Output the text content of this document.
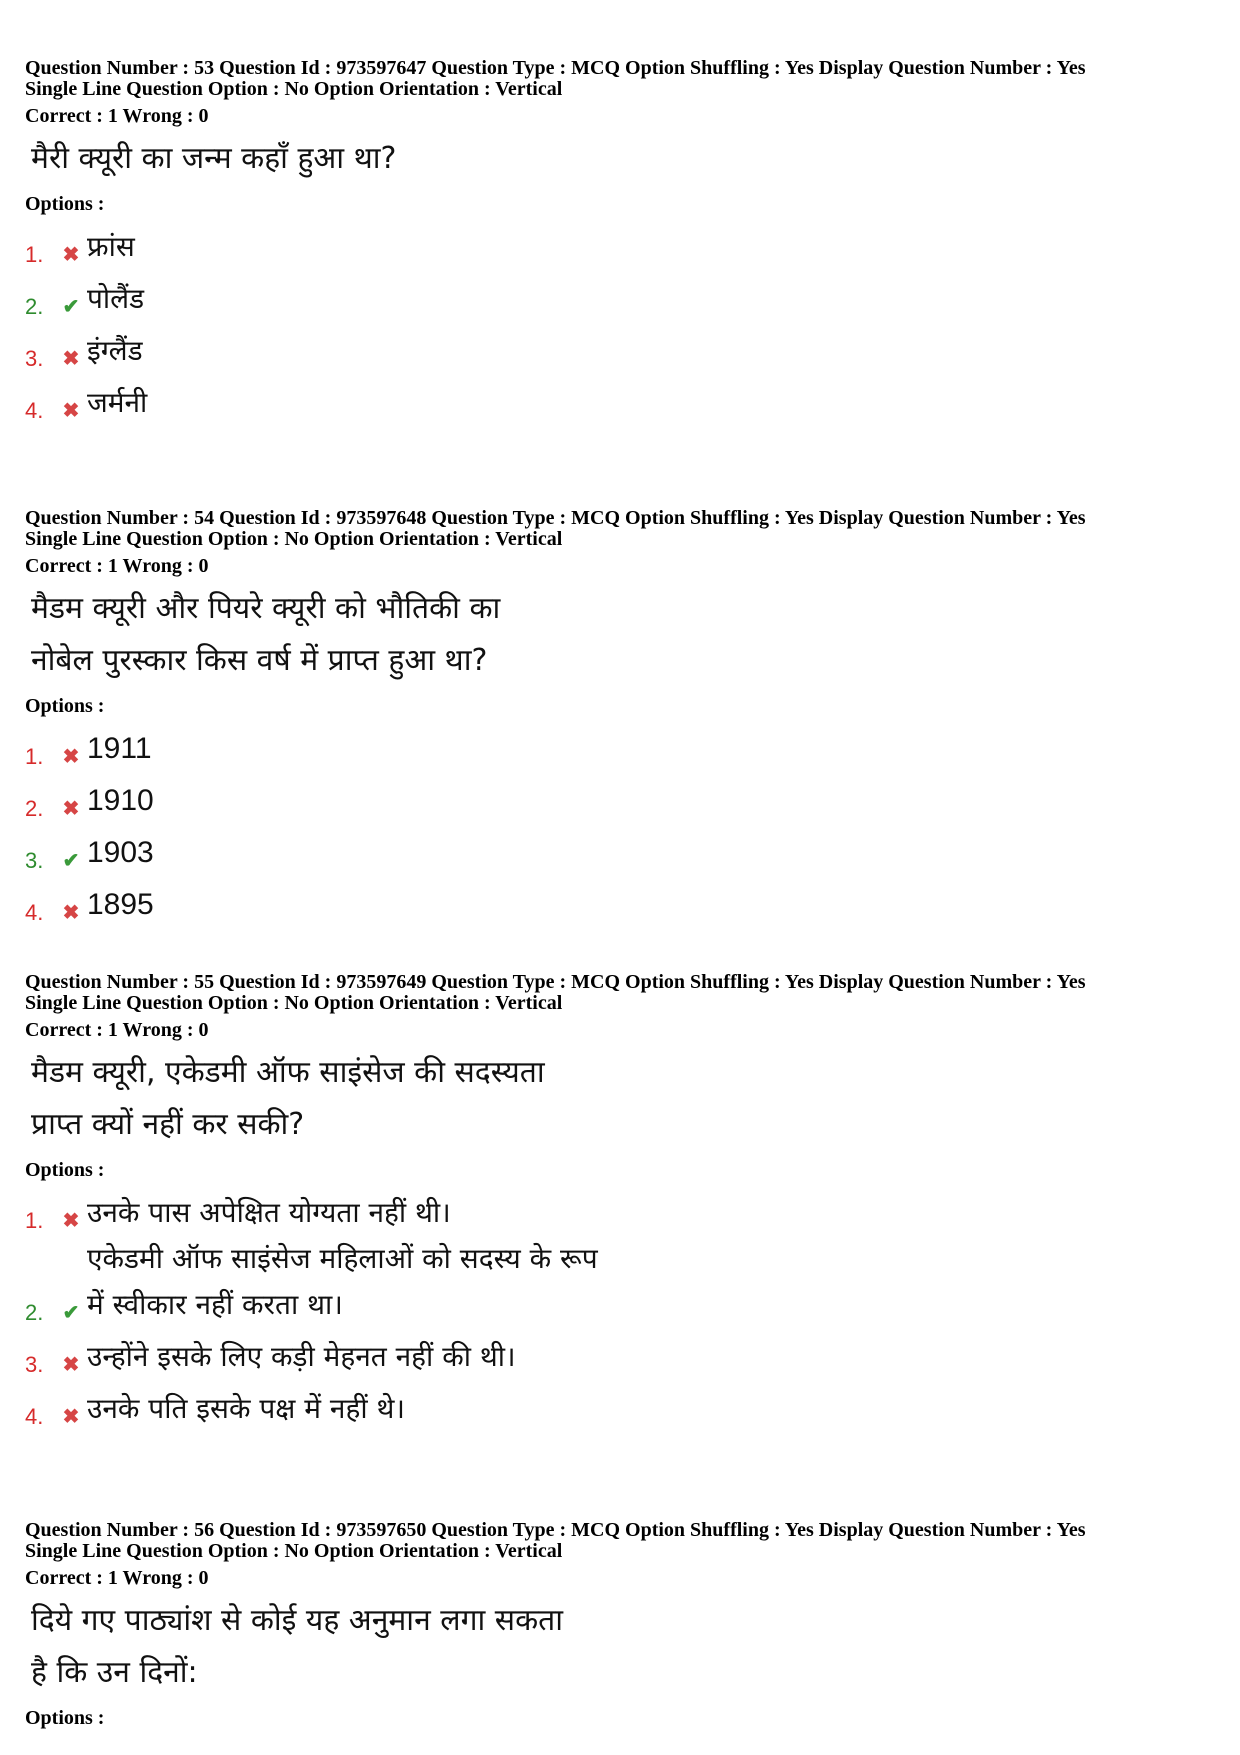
Question Number : 53 Question Id : 973597647 Question Type : MCQ Option Shuffling : Yes Display Question Number : Yes
Single Line Question Option : No Option Orientation : Vertical
Correct : 1 Wrong : 0
मैरी क्यूरी का जन्म कहाँ हुआ था?
Options :
1. ✖ फ्रांस
2. ✔ पोलैंड
3. ✖ इंग्लैंड
4. ✖ जर्मनी
Question Number : 54 Question Id : 973597648 Question Type : MCQ Option Shuffling : Yes Display Question Number : Yes
Single Line Question Option : No Option Orientation : Vertical
Correct : 1 Wrong : 0
मैडम क्यूरी और पियरे क्यूरी को भौतिकी का
नोबेल पुरस्कार किस वर्ष में प्राप्त हुआ था?
Options :
1. ✖ 1911
2. ✖ 1910
3. ✔ 1903
4. ✖ 1895
Question Number : 55 Question Id : 973597649 Question Type : MCQ Option Shuffling : Yes Display Question Number : Yes
Single Line Question Option : No Option Orientation : Vertical
Correct : 1 Wrong : 0
मैडम क्यूरी, एकेडमी ऑफ साइंसेज की सदस्यता
प्राप्त क्यों नहीं कर सकी?
Options :
1. ✖ उनके पास अपेक्षित योग्यता नहीं थी।
2. ✔
एकेडमी ऑफ साइंसेज महिलाओं को सदस्य के रूप
में स्वीकार नहीं करता था।
3. ✖ उन्होंने इसके लिए कड़ी मेहनत नहीं की थी।
4. ✖ उनके पति इसके पक्ष में नहीं थे।
Question Number : 56 Question Id : 973597650 Question Type : MCQ Option Shuffling : Yes Display Question Number : Yes
Single Line Question Option : No Option Orientation : Vertical
Correct : 1 Wrong : 0
दिये गए पाठ्यांश से कोई यह अनुमान लगा सकता
है कि उन दिनों:
Options :
